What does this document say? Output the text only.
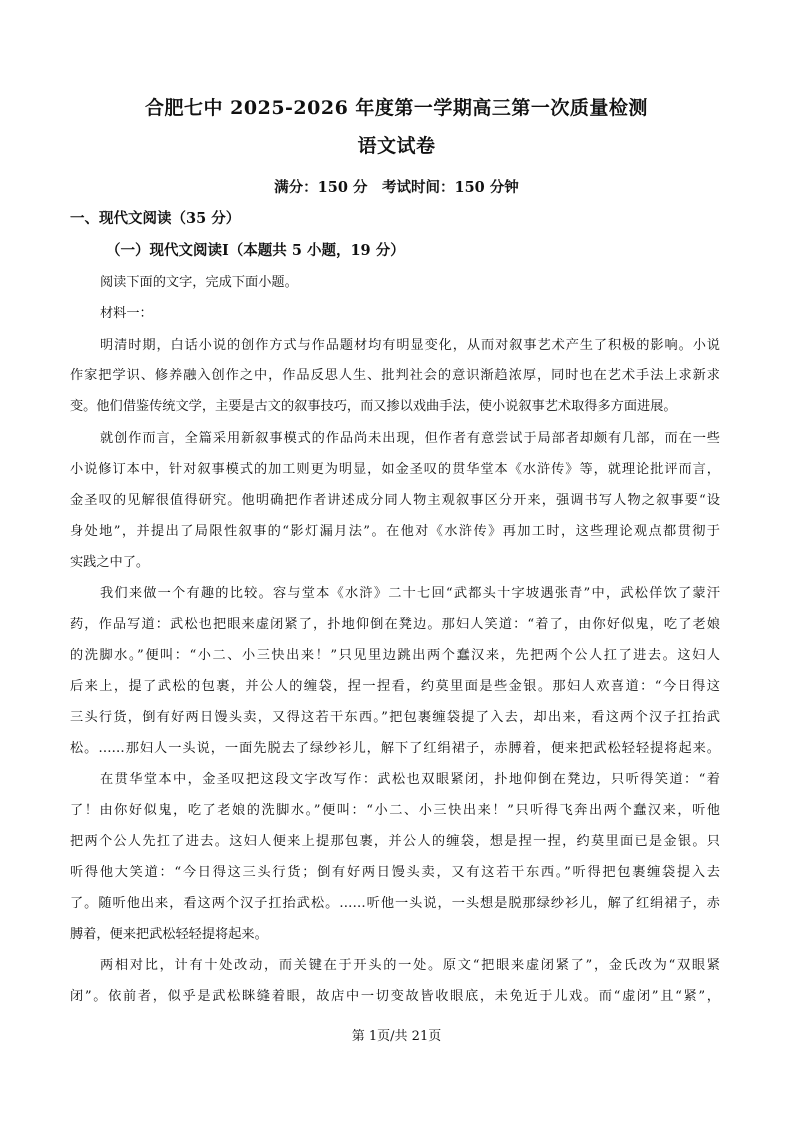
合肥七中 2025-2026 年度第一学期高三第一次质量检测
语文试卷
满分：150 分　考试时间：150 分钟
一、现代文阅读（35 分）
（一）现代文阅读Ⅰ（本题共 5 小题，19 分）
阅读下面的文字，完成下面小题。
材料一：
明清时期，白话小说的创作方式与作品题材均有明显变化，从而对叙事艺术产生了积极的影响。小说
作家把学识、修养融入创作之中，作品反思人生、批判社会的意识渐趋浓厚，同时也在艺术手法上求新求
变。他们借鉴传统文学，主要是古文的叙事技巧，而又掺以戏曲手法，使小说叙事艺术取得多方面进展。
就创作而言，全篇采用新叙事模式的作品尚未出现，但作者有意尝试于局部者却颇有几部，而在一些
小说修订本中，针对叙事模式的加工则更为明显，如金圣叹的贯华堂本《水浒传》等，就理论批评而言，
金圣叹的见解很值得研究。他明确把作者讲述成分同人物主观叙事区分开来，强调书写人物之叙事要“设
身处地”，并提出了局限性叙事的“影灯漏月法”。在他对《水浒传》再加工时，这些理论观点都贯彻于
实践之中了。
我们来做一个有趣的比较。容与堂本《水浒》二十七回“武都头十字坡遇张青”中，武松佯饮了蒙汗
药，作品写道：武松也把眼来虚闭紧了，扑地仰倒在凳边。那妇人笑道：“着了，由你好似鬼，吃了老娘
的洗脚水。”便叫：“小二、小三快出来！”只见里边跳出两个蠢汉来，先把两个公人扛了进去。这妇人
后来上，提了武松的包裹，并公人的缠袋，捏一捏看，约莫里面是些金银。那妇人欢喜道：“今日得这
三头行货，倒有好两日馒头卖，又得这若干东西。”把包裹缠袋提了入去，却出来，看这两个汉子扛抬武
松。……那妇人一头说，一面先脱去了绿纱衫儿，解下了红绢裙子，赤膊着，便来把武松轻轻提将起来。
在贯华堂本中，金圣叹把这段文字改写作：武松也双眼紧闭，扑地仰倒在凳边，只听得笑道：“着
了！由你好似鬼，吃了老娘的洗脚水。”便叫：“小二、小三快出来！”只听得飞奔出两个蠢汉来，听他
把两个公人先扛了进去。这妇人便来上提那包裹，并公人的缠袋，想是捏一捏，约莫里面已是金银。只
听得他大笑道：“今日得这三头行货；倒有好两日馒头卖，又有这若干东西。”听得把包裹缠袋提入去
了。随听他出来，看这两个汉子扛抬武松。……听他一头说，一头想是脱那绿纱衫儿，解了红绢裙子，赤
膊着，便来把武松轻轻提将起来。
两相对比，计有十处改动，而关键在于开头的一处。原文“把眼来虚闭紧了”，金氏改为“双眼紧
闭”。依前者，似乎是武松眯缝着眼，故店中一切变故皆收眼底，未免近于儿戏。而“虚闭”且“紧”，
第 1页/共 21页
